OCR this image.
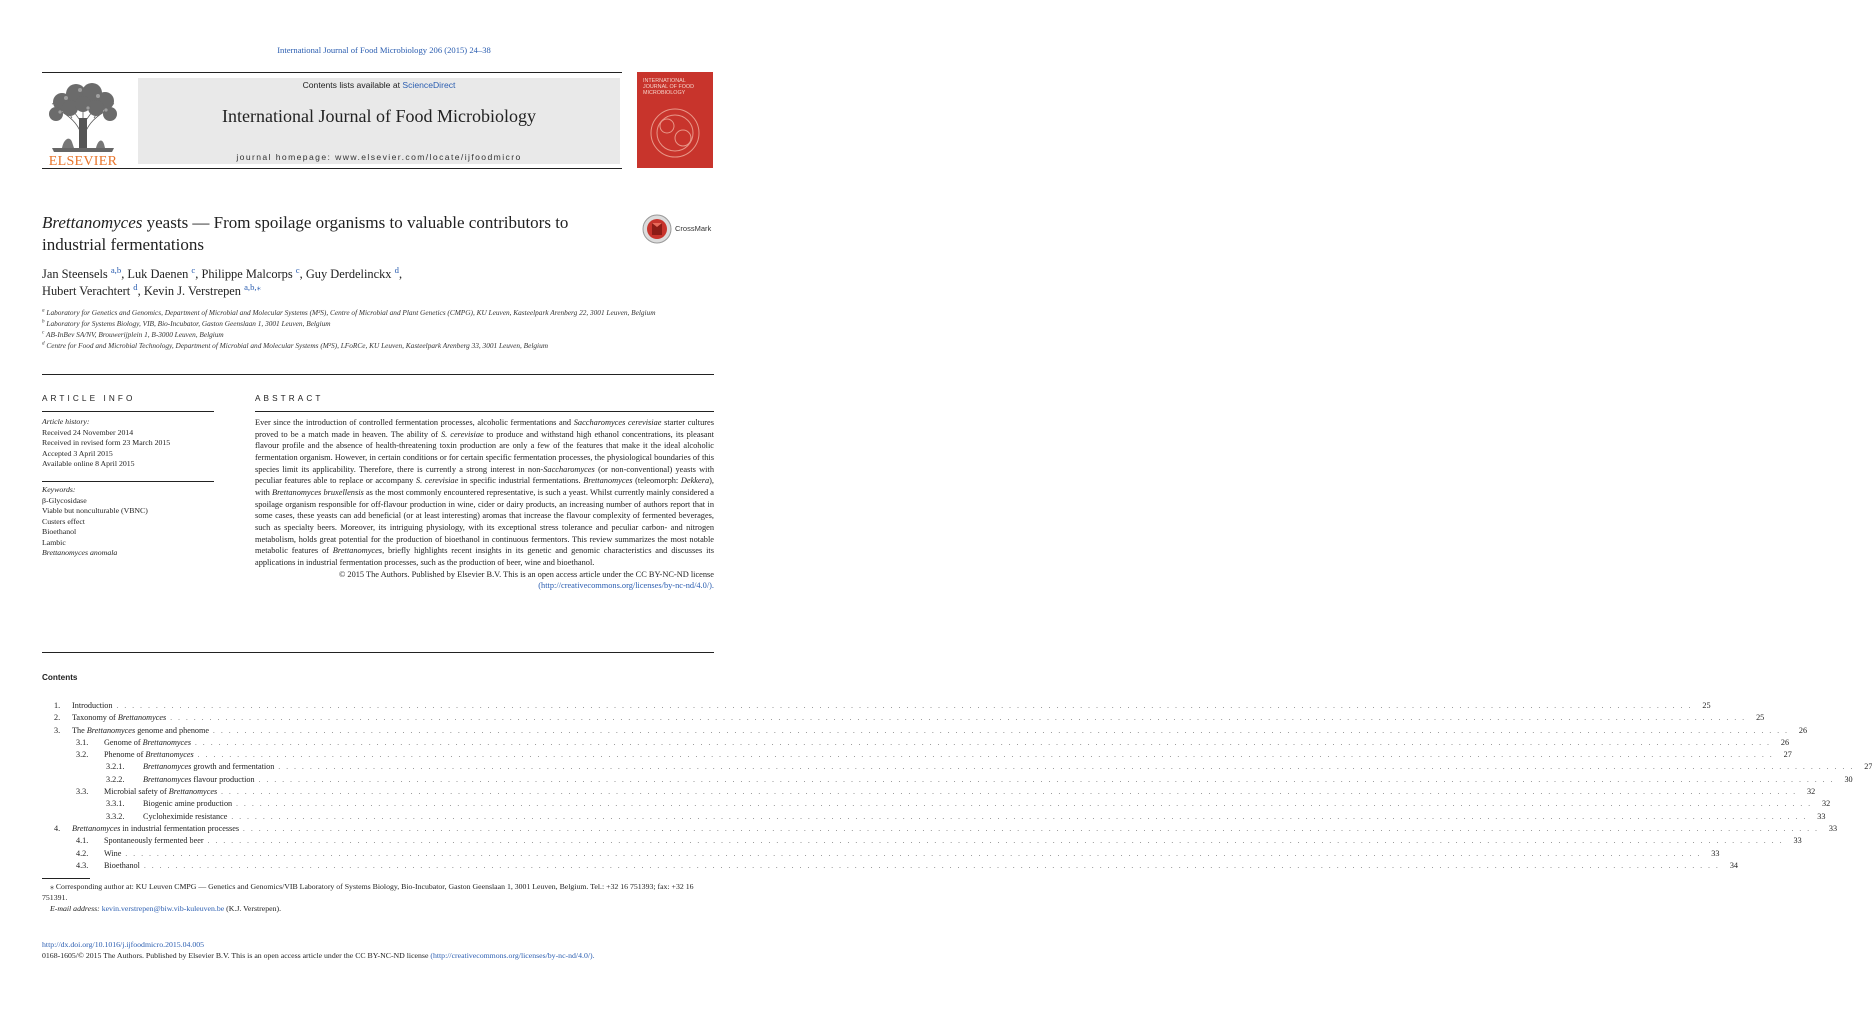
International Journal of Food Microbiology 206 (2015) 24–38
ELSEVIER
Contents lists available at ScienceDirect
International Journal of Food Microbiology
journal homepage: www.elsevier.com/locate/ijfoodmicro
INTERNATIONAL JOURNAL OF FOOD MICROBIOLOGY
Brettanomyces yeasts — From spoilage organisms to valuable contributors to industrial fermentations
CrossMark
Jan Steensels $^{a,b}$, Luk Daenen $^c$, Philippe Malcorps $^c$, Guy Derdelinckx $^d$,
Hubert Verachtert $^d$, Kevin J. Verstrepen $^{a,b,⁎}$
$^a$ Laboratory for Genetics and Genomics, Department of Microbial and Molecular Systems (M²S), Centre of Microbial and Plant Genetics (CMPG), KU Leuven, Kasteelpark Arenberg 22, 3001 Leuven, Belgium
$^b$ Laboratory for Systems Biology, VIB, Bio-Incubator, Gaston Geenslaan 1, 3001 Leuven, Belgium
$^c$ AB-InBev SA/NV, Brouwerijplein 1, B-3000 Leuven, Belgium
$^d$ Centre for Food and Microbial Technology, Department of Microbial and Molecular Systems (M²S), LFoRCe, KU Leuven, Kasteelpark Arenberg 33, 3001 Leuven, Belgium
ARTICLE INFO
Article history:
Received 24 November 2014
Received in revised form 23 March 2015
Accepted 3 April 2015
Available online 8 April 2015
Keywords:
β-Glycosidase
Viable but nonculturable (VBNC)
Custers effect
Bioethanol
Lambic
Brettanomyces anomala
ABSTRACT
Ever since the introduction of controlled fermentation processes, alcoholic fermentations and Saccharomyces cerevisiae starter cultures proved to be a match made in heaven. The ability of S. cerevisiae to produce and withstand high ethanol concentrations, its pleasant flavour profile and the absence of health-threatening toxin production are only a few of the features that make it the ideal alcoholic fermentation organism. However, in certain conditions or for certain specific fermentation processes, the physiological boundaries of this species limit its applicability. Therefore, there is currently a strong interest in non-Saccharomyces (or non-conventional) yeasts with peculiar features able to replace or accompany S. cerevisiae in specific industrial fermentations. Brettanomyces (teleomorph: Dekkera), with Brettanomyces bruxellensis as the most commonly encountered representative, is such a yeast. Whilst currently mainly considered a spoilage organism responsible for off-flavour production in wine, cider or dairy products, an increasing number of authors report that in some cases, these yeasts can add beneficial (or at least interesting) aromas that increase the flavour complexity of fermented beverages, such as specialty beers. Moreover, its intriguing physiology, with its exceptional stress tolerance and peculiar carbon- and nitrogen metabolism, holds great potential for the production of bioethanol in continuous fermentors. This review summarizes the most notable metabolic features of Brettanomyces, briefly highlights recent insights in its genetic and genomic characteristics and discusses its applications in industrial fermentation processes, such as the production of beer, wine and bioethanol.
© 2015 The Authors. Published by Elsevier B.V. This is an open access article under the CC BY-NC-ND license
(http://creativecommons.org/licenses/by-nc-nd/4.0/).
Contents
1.	Introduction . . . . . . . . . . . . . . . . . . . . . . . . . . . . . . . . . . . . . . . . . . . . . . . . . . . . . . . . . . . . . . . . . . . . . . . . . . . . . . . . . . . . . . . . . . . . . . . . . . . . . . . . . . . . . . . . . . . . . . . . . . . . . . . . . . . . . . . . . . . . . . . . . . . . . . . . . . . . . . . . . . . . . . . . . . . . . . . . . . . . . . . . . . . . . . . . . . . . . . . .	25
2.	Taxonomy of Brettanomyces . . . . . . . . . . . . . . . . . . . . . . . . . . . . . . . . . . . . . . . . . . . . . . . . . . . . . . . . . . . . . . . . . . . . . . . . . . . . . . . . . . . . . . . . . . . . . . . . . . . . . . . . . . . . . . . . . . . . . . . . . . . . . . . . . . . . . . . . . . . . . . . . . . . . . . . . . . . . . . . . . . . . . . . . . . . . . . . . . . . . . . . . . . . . . . . . . . . . . . . .	25
3.	The Brettanomyces genome and phenome . . . . . . . . . . . . . . . . . . . . . . . . . . . . . . . . . . . . . . . . . . . . . . . . . . . . . . . . . . . . . . . . . . . . . . . . . . . . . . . . . . . . . . . . . . . . . . . . . . . . . . . . . . . . . . . . . . . . . . . . . . . . . . . . . . . . . . . . . . . . . . . . . . . . . . . . . . . . . . . . . . . . . . . . . . . . . . . . . . . . . . . . . . . . . . . . . . . . . . . .	26
3.1.	Genome of Brettanomyces . . . . . . . . . . . . . . . . . . . . . . . . . . . . . . . . . . . . . . . . . . . . . . . . . . . . . . . . . . . . . . . . . . . . . . . . . . . . . . . . . . . . . . . . . . . . . . . . . . . . . . . . . . . . . . . . . . . . . . . . . . . . . . . . . . . . . . . . . . . . . . . . . . . . . . . . . . . . . . . . . . . . . . . . . . . . . . . . . . . . . . . . . . . . . . . . . . . . . . . .	26
3.2.	Phenome of Brettanomyces . . . . . . . . . . . . . . . . . . . . . . . . . . . . . . . . . . . . . . . . . . . . . . . . . . . . . . . . . . . . . . . . . . . . . . . . . . . . . . . . . . . . . . . . . . . . . . . . . . . . . . . . . . . . . . . . . . . . . . . . . . . . . . . . . . . . . . . . . . . . . . . . . . . . . . . . . . . . . . . . . . . . . . . . . . . . . . . . . . . . . . . . . . . . . . . . . . . . . . . .	27
3.2.1.	Brettanomyces growth and fermentation . . . . . . . . . . . . . . . . . . . . . . . . . . . . . . . . . . . . . . . . . . . . . . . . . . . . . . . . . . . . . . . . . . . . . . . . . . . . . . . . . . . . . . . . . . . . . . . . . . . . . . . . . . . . . . . . . . . . . . . . . . . . . . . . . . . . . . . . . . . . . . . . . . . . . . . . . . . . . . . . . . . . . . . . . . . . . . . . . . . . . . . . . . . . . . . . . . . . . . . .	27
3.2.2.	Brettanomyces flavour production . . . . . . . . . . . . . . . . . . . . . . . . . . . . . . . . . . . . . . . . . . . . . . . . . . . . . . . . . . . . . . . . . . . . . . . . . . . . . . . . . . . . . . . . . . . . . . . . . . . . . . . . . . . . . . . . . . . . . . . . . . . . . . . . . . . . . . . . . . . . . . . . . . . . . . . . . . . . . . . . . . . . . . . . . . . . . . . . . . . . . . . . . . . . . . . . . . . . . . . .	30
3.3.	Microbial safety of Brettanomyces . . . . . . . . . . . . . . . . . . . . . . . . . . . . . . . . . . . . . . . . . . . . . . . . . . . . . . . . . . . . . . . . . . . . . . . . . . . . . . . . . . . . . . . . . . . . . . . . . . . . . . . . . . . . . . . . . . . . . . . . . . . . . . . . . . . . . . . . . . . . . . . . . . . . . . . . . . . . . . . . . . . . . . . . . . . . . . . . . . . . . . . . . . . . . . . . . . . . . . . .	32
3.3.1.	Biogenic amine production . . . . . . . . . . . . . . . . . . . . . . . . . . . . . . . . . . . . . . . . . . . . . . . . . . . . . . . . . . . . . . . . . . . . . . . . . . . . . . . . . . . . . . . . . . . . . . . . . . . . . . . . . . . . . . . . . . . . . . . . . . . . . . . . . . . . . . . . . . . . . . . . . . . . . . . . . . . . . . . . . . . . . . . . . . . . . . . . . . . . . . . . . . . . . . . . . . . . . . . .	32
3.3.2.	Cycloheximide resistance . . . . . . . . . . . . . . . . . . . . . . . . . . . . . . . . . . . . . . . . . . . . . . . . . . . . . . . . . . . . . . . . . . . . . . . . . . . . . . . . . . . . . . . . . . . . . . . . . . . . . . . . . . . . . . . . . . . . . . . . . . . . . . . . . . . . . . . . . . . . . . . . . . . . . . . . . . . . . . . . . . . . . . . . . . . . . . . . . . . . . . . . . . . . . . . . . . . . . . . .	33
4.	Brettanomyces in industrial fermentation processes . . . . . . . . . . . . . . . . . . . . . . . . . . . . . . . . . . . . . . . . . . . . . . . . . . . . . . . . . . . . . . . . . . . . . . . . . . . . . . . . . . . . . . . . . . . . . . . . . . . . . . . . . . . . . . . . . . . . . . . . . . . . . . . . . . . . . . . . . . . . . . . . . . . . . . . . . . . . . . . . . . . . . . . . . . . . . . . . . . . . . . . . . . . . . . . . . . . . . . . .	33
4.1.	Spontaneously fermented beer . . . . . . . . . . . . . . . . . . . . . . . . . . . . . . . . . . . . . . . . . . . . . . . . . . . . . . . . . . . . . . . . . . . . . . . . . . . . . . . . . . . . . . . . . . . . . . . . . . . . . . . . . . . . . . . . . . . . . . . . . . . . . . . . . . . . . . . . . . . . . . . . . . . . . . . . . . . . . . . . . . . . . . . . . . . . . . . . . . . . . . . . . . . . . . . . . . . . . . . .	33
4.2.	Wine . . . . . . . . . . . . . . . . . . . . . . . . . . . . . . . . . . . . . . . . . . . . . . . . . . . . . . . . . . . . . . . . . . . . . . . . . . . . . . . . . . . . . . . . . . . . . . . . . . . . . . . . . . . . . . . . . . . . . . . . . . . . . . . . . . . . . . . . . . . . . . . . . . . . . . . . . . . . . . . . . . . . . . . . . . . . . . . . . . . . . . . . . . . . . . . . . . . . . . . .	33
4.3.	Bioethanol . . . . . . . . . . . . . . . . . . . . . . . . . . . . . . . . . . . . . . . . . . . . . . . . . . . . . . . . . . . . . . . . . . . . . . . . . . . . . . . . . . . . . . . . . . . . . . . . . . . . . . . . . . . . . . . . . . . . . . . . . . . . . . . . . . . . . . . . . . . . . . . . . . . . . . . . . . . . . . . . . . . . . . . . . . . . . . . . . . . . . . . . . . . . . . . . . . . . . . . .	34
⁎ Corresponding author at: KU Leuven CMPG — Genetics and Genomics/VIB Laboratory of Systems Biology, Bio-Incubator, Gaston Geenslaan 1, 3001 Leuven, Belgium. Tel.: +32 16 751393; fax: +32 16 751391.
E-mail address: kevin.verstrepen@biw.vib-kuleuven.be (K.J. Verstrepen).
http://dx.doi.org/10.1016/j.ijfoodmicro.2015.04.005
0168-1605/© 2015 The Authors. Published by Elsevier B.V. This is an open access article under the CC BY-NC-ND license (http://creativecommons.org/licenses/by-nc-nd/4.0/).
